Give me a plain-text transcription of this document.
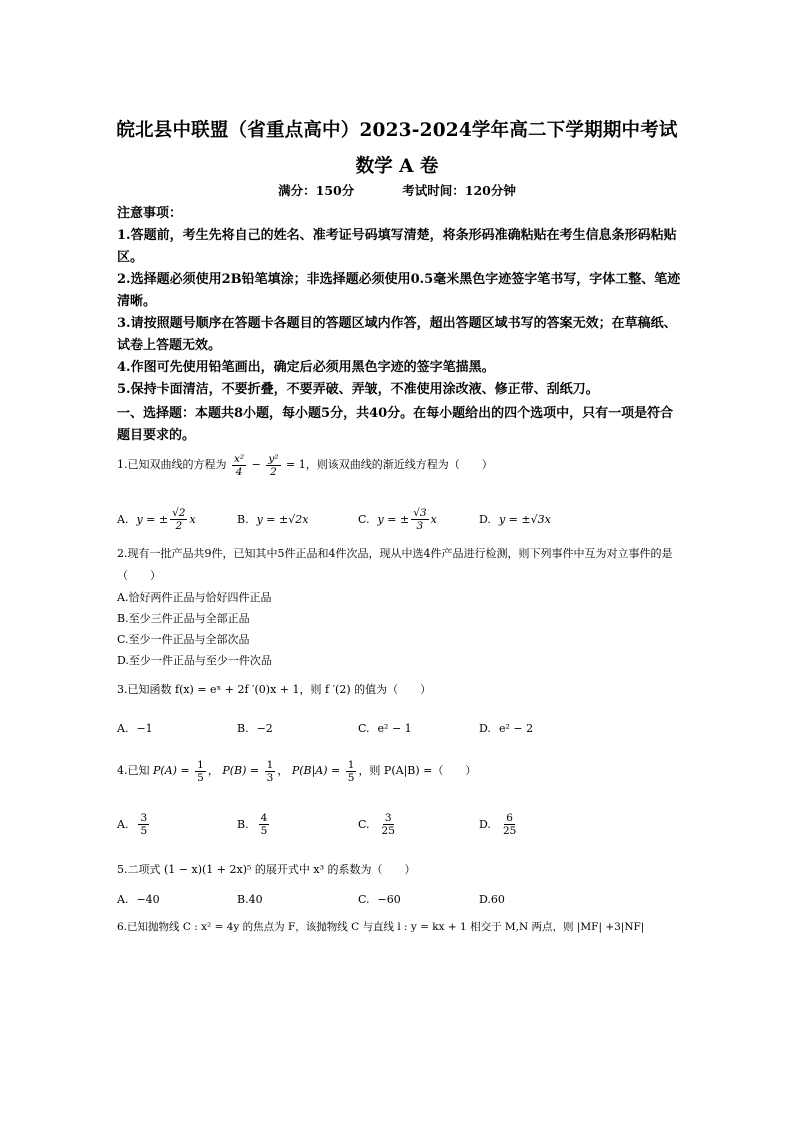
皖北县中联盟（省重点高中）2023-2024学年高二下学期期中考试
数学 A 卷
满分：150分	考试时间：120分钟

注意事项：

1.答题前，考生先将自己的姓名、准考证号码填写清楚，将条形码准确粘贴在考生信息条形码粘贴区。

2.选择题必须使用2B铅笔填涂；非选择题必须使用0.5毫米黑色字迹签字笔书写，字体工整、笔迹清晰。

3.请按照题号顺序在答题卡各题目的答题区域内作答，超出答题区域书写的答案无效；在草稿纸、试卷上答题无效。

4.作图可先使用铅笔画出，确定后必须用黑色字迹的签字笔描黑。

5.保持卡面清洁，不要折叠，不要弄破、弄皱，不准使用涂改液、修正带、刮纸刀。

一、选择题：本题共8小题，每小题5分，共40分。在每小题给出的四个选项中，只有一项是符合题目要求的。
1.已知双曲线的方程为 $\frac{\text{x²}}{4} - \frac{\text{y²}}{2} = 1$，则该双曲线的渐近线方程为（　　）
A. y = ± $\frac{√2}{2}$ x	B. y = ±√2x	C. y = ± $\frac{√3}{3}$ x	D. y = ±√3x

2.现有一批产品共9件，已知其中5件正品和4件次品，现从中选4件产品进行检测，则下列事件中互为对立事件的是（　　）

A.恰好两件正品与恰好四件正品

B.至少三件正品与全部正品

C.至少一件正品与全部次品

D.至少一件正品与至少一件次品

3.已知函数 f(x) = eˣ + 2f ′(0)x + 1，则 f ′(2) 的值为（　　）

A. −1	B. −2	C. e² − 1	D. e² − 2
4.已知 $P(A) = \frac{1}{5}$ ， $P(B) = \frac{1}{3}$ ， $P(B|A) = \frac{1}{5}$ ，则 P(A|B) =（　　）
A. $\frac{3}{5}$	B. $\frac{4}{5}$	C. $\frac{3}{25}$	D. $\frac{6}{25}$

5.二项式 (1 − x)(1 + 2x)⁵ 的展开式中 x³ 的系数为（　　）

A. −40	B.40	C. −60	D.60

6.已知抛物线 C : x² = 4y 的焦点为 F，该抛物线 C 与直线 l : y = kx + 1 相交于 M,N 两点，则 |MF| +3|NF|
